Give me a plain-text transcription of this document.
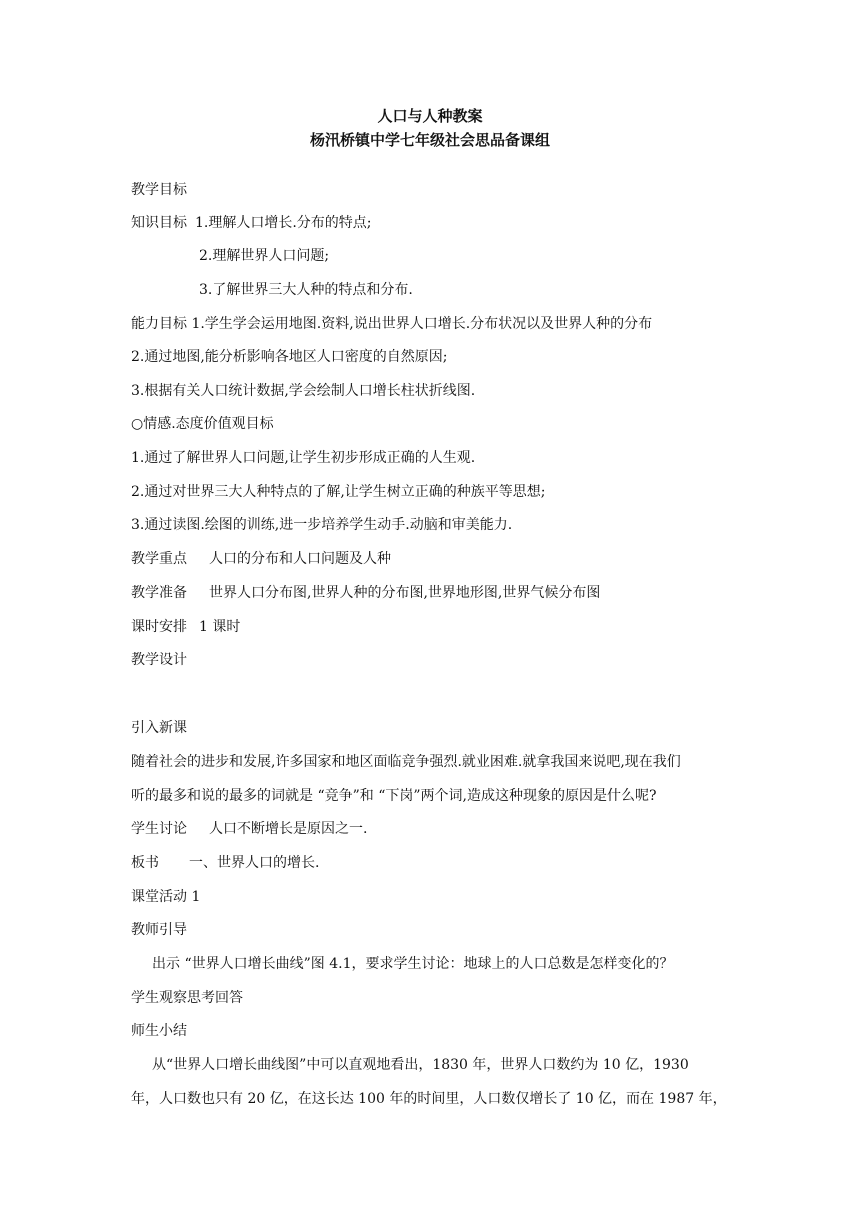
人口与人种教案
杨汛桥镇中学七年级社会思品备课组
教学目标
知识目标 1.理解人口增长.分布的特点;
2.理解世界人口问题;
3.了解世界三大人种的特点和分布.
能力目标 1.学生学会运用地图.资料,说出世界人口增长.分布状况以及世界人种的分布
2.通过地图,能分析影响各地区人口密度的自然原因;
3.根据有关人口统计数据,学会绘制人口增长柱状折线图.
○情感.态度价值观目标
1.通过了解世界人口问题,让学生初步形成正确的人生观.
2.通过对世界三大人种特点的了解,让学生树立正确的种族平等思想;
3.通过读图.绘图的训练,进一步培养学生动手.动脑和审美能力.
教学重点 人口的分布和人口问题及人种
教学准备 世界人口分布图,世界人种的分布图,世界地形图,世界气候分布图
课时安排 1 课时
教学设计
引入新课
随着社会的进步和发展,许多国家和地区面临竞争强烈.就业困难.就拿我国来说吧,现在我们
听的最多和说的最多的词就是 “竞争”和 “下岗”两个词,造成这种现象的原因是什么呢?
学生讨论 人口不断增长是原因之一.
板书 一、世界人口的增长.
课堂活动 1
教师引导
出示 “世界人口增长曲线”图 4.1，要求学生讨论：地球上的人口总数是怎样变化的？
学生观察思考回答
师生小结
从“世界人口增长曲线图”中可以直观地看出，1830 年，世界人口数约为 10 亿，1930
年，人口数也只有 20 亿，在这长达 100 年的时间里，人口数仅增长了 10 亿，而在 1987 年，
